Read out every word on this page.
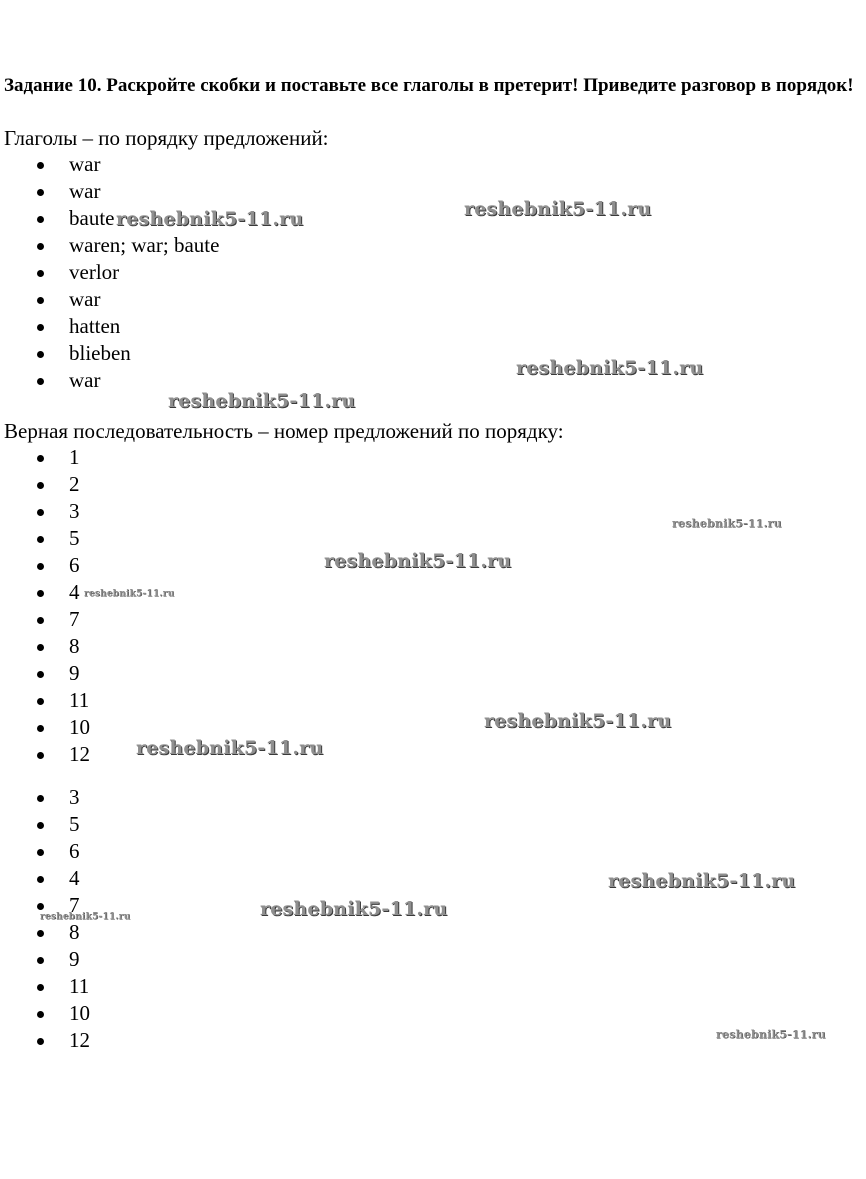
Задание 10. Раскройте скобки и поставьте все глаголы в претерит! Приведите разговор в порядок!

Глаголы – по порядку предложений:

war
war
baute
waren; war; baute
verlor
war
hatten
blieben
war

Верная последовательность – номер предложений по порядку:

1
2
3
5
6
4
7
8
9
11
10
12
3
5
6
4
7
8
9
11
10
12
reshebnik5-11.ru	reshebnik5-11.ru
reshebnik5-11.ru
reshebnik5-11.ru
reshebnik5-11.ru
reshebnik5-11.ru
reshebnik5-11.ru
reshebnik5-11.ru
reshebnik5-11.ru
reshebnik5-11.ru
reshebnik5-11.ru
reshebnik5-11.ru
reshebnik5-11.ru
